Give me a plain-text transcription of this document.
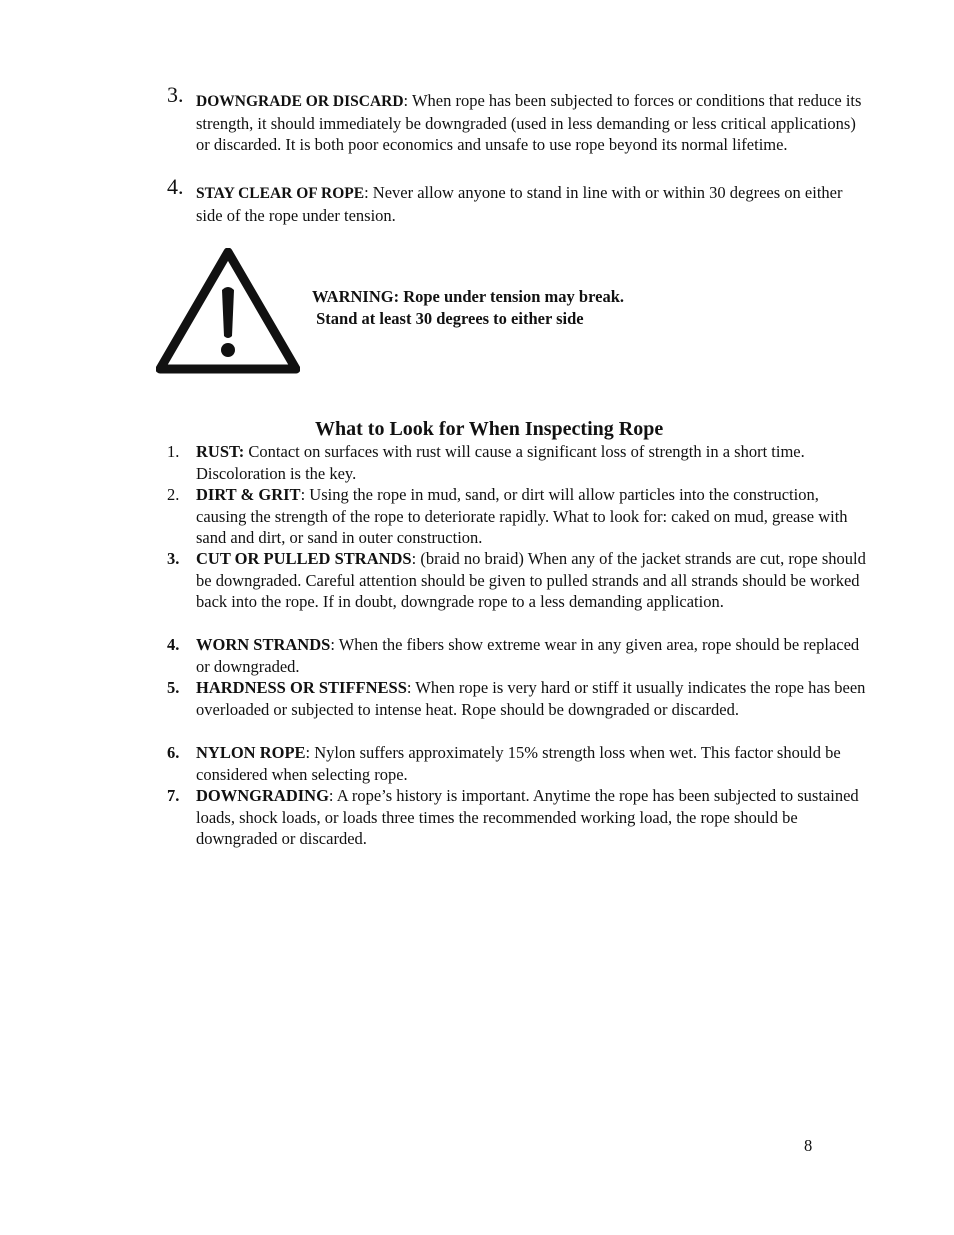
3. DOWNGRADE OR DISCARD: When rope has been subjected to forces or conditions that reduce its strength, it should immediately be downgraded (used in less demanding or less critical applications) or discarded. It is both poor economics and unsafe to use rope beyond its normal lifetime.
4. STAY CLEAR OF ROPE: Never allow anyone to stand in line with or within 30 degrees on either side of the rope under tension.
WARNING: Rope under tension may break.
Stand at least 30 degrees to either side
What to Look for When Inspecting Rope
1. RUST: Contact on surfaces with rust will cause a significant loss of strength in a short time. Discoloration is the key.
2. DIRT & GRIT: Using the rope in mud, sand, or dirt will allow particles into the construction, causing the strength of the rope to deteriorate rapidly. What to look for: caked on mud, grease with sand and dirt, or sand in outer construction.
3. CUT OR PULLED STRANDS: (braid no braid) When any of the jacket strands are cut, rope should be downgraded. Careful attention should be given to pulled strands and all strands should be worked back into the rope. If in doubt, downgrade rope to a less demanding application.
4. WORN STRANDS: When the fibers show extreme wear in any given area, rope should be replaced or downgraded.
5. HARDNESS OR STIFFNESS: When rope is very hard or stiff it usually indicates the rope has been overloaded or subjected to intense heat. Rope should be downgraded or discarded.
6. NYLON ROPE: Nylon suffers approximately 15% strength loss when wet. This factor should be considered when selecting rope.
7. DOWNGRADING: A rope’s history is important. Anytime the rope has been subjected to sustained loads, shock loads, or loads three times the recommended working load, the rope should be downgraded or discarded.
8
